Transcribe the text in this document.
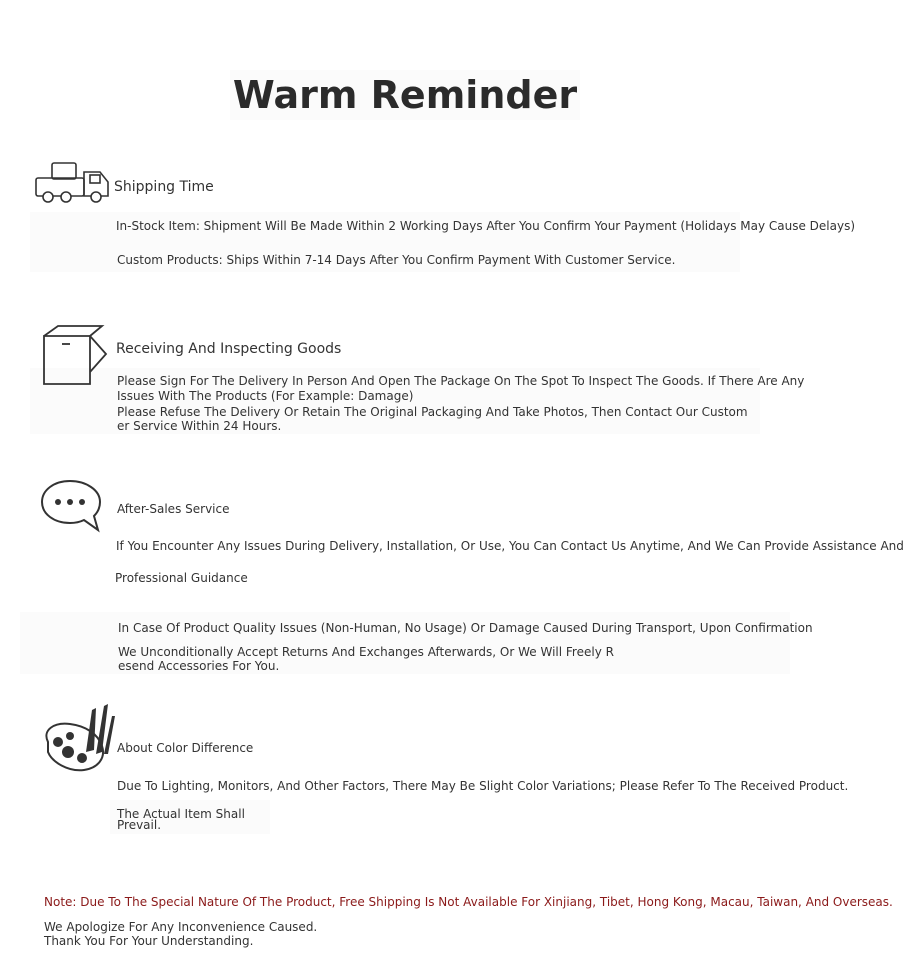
Warm Reminder
Shipping Time
In-Stock Item: Shipment Will Be Made Within 2 Working Days After You Confirm Your Payment (Holidays May Cause Delays)
Custom Products: Ships Within 7-14 Days After You Confirm Payment With Customer Service.
Receiving And Inspecting Goods
Please Sign For The Delivery In Person And Open The Package On The Spot To Inspect The Goods. If There Are Any
Issues With The Products (For Example: Damage)
Please Refuse The Delivery Or Retain The Original Packaging And Take Photos, Then Contact Our Custom
er Service Within 24 Hours.
After-Sales Service
If You Encounter Any Issues During Delivery, Installation, Or Use, You Can Contact Us Anytime, And We Can Provide Assistance And
Professional Guidance
In Case Of Product Quality Issues (Non-Human, No Usage) Or Damage Caused During Transport, Upon Confirmation
We Unconditionally Accept Returns And Exchanges Afterwards, Or We Will Freely R
esend Accessories For You.
About Color Difference
Due To Lighting, Monitors, And Other Factors, There May Be Slight Color Variations; Please Refer To The Received Product.
The Actual Item Shall
Prevail.
Note: Due To The Special Nature Of The Product, Free Shipping Is Not Available For Xinjiang, Tibet, Hong Kong, Macau, Taiwan, And Overseas.
We Apologize For Any Inconvenience Caused.
Thank You For Your Understanding.
